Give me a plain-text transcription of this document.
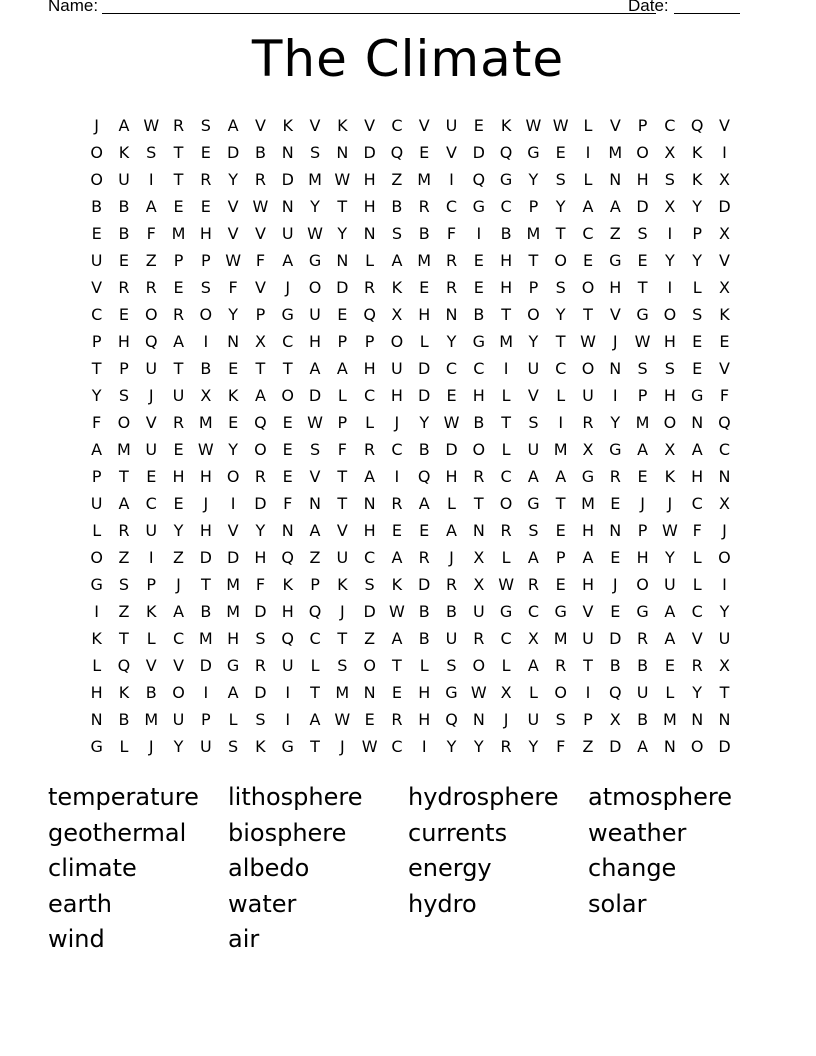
Name:	Date:
The Climate
J	A W R	S	A	V	K	V	K	V	C	V U	E	K W W L	V	P	C Q V
O K	S	T	E	D B N	S	N D Q E	V D Q G	E	I	M O X	K	I
O U	I	T	R	Y	R D M W H Z M	I	Q G	Y	S	L	N H	S	K	X
B	B	A	E	E	V W N	Y	T	H B	R	C G C	P	Y	A	A D X	Y	D
E	B	F M H V	V U W Y	N	S	B	F	I	B M T	C	Z	S	I	P	X
U	E	Z	P	P W F	A G N	L	A M R	E	H	T	O E	G	E	Y	Y	V
V	R	R	E	S	F	V	J	O D R	K	E	R	E	H	P	S O H	T	I	L	X
C	E O R O	Y	P	G U	E Q X H N B	T	O	Y	T	V G O S	K
P	H Q A	I	N X	C H	P	P	O	L	Y	G M Y	T W	J	W H	E	E
T	P	U	T	B	E	T	T	A	A H U D C	C	I	U C O N	S	S	E	V
Y	S	J	U X	K	A O D	L	C H D	E	H	L	V	L	U	I	P	H G	F
F	O V	R M E Q E W P	L	J	Y W B	T	S	I	R	Y M O N Q
A M U	E W Y	O E	S	F	R	C	B D O	L	U M X G A	X	A	C
P	T	E	H H O R	E	V	T	A	I	Q H R	C	A	A G R	E	K	H N
U A	C	E	J	I	D	F	N	T	N R	A	L	T	O G	T M E	J	J	C	X
L	R U	Y	H V	Y	N A	V H	E	E	A N R	S	E	H N	P W F	J
O Z	I	Z D D H Q Z U C	A	R	J	X	L	A	P	A	E	H	Y	L	O
G	S	P	J	T M F	K	P	K	S	K D R	X W R	E	H	J	O U	L	I
I	Z	K	A	B M D H Q	J	D W B	B U G C G V	E	G A	C	Y
K	T	L	C M H	S Q C	T	Z	A	B U R	C	X M U D R	A	V U
L	Q V	V D G R U	L	S O	T	L	S O	L	A	R	T	B	B	E	R	X
H	K	B O	I	A D	I	T M N	E	H G W X	L	O	I	Q U	L	Y	T
N B M U	P	L	S	I	A W E	R H Q N	J	U	S	P	X	B M N N
G	L	J	Y	U	S	K G	T	J	W C	I	Y	Y	R	Y	F	Z D A N O D
temperature	lithosphere	hydrosphere	atmosphere
geothermal	biosphere	currents	weather
climate	albedo	energy	change
earth	water	hydro	solar
wind	air
